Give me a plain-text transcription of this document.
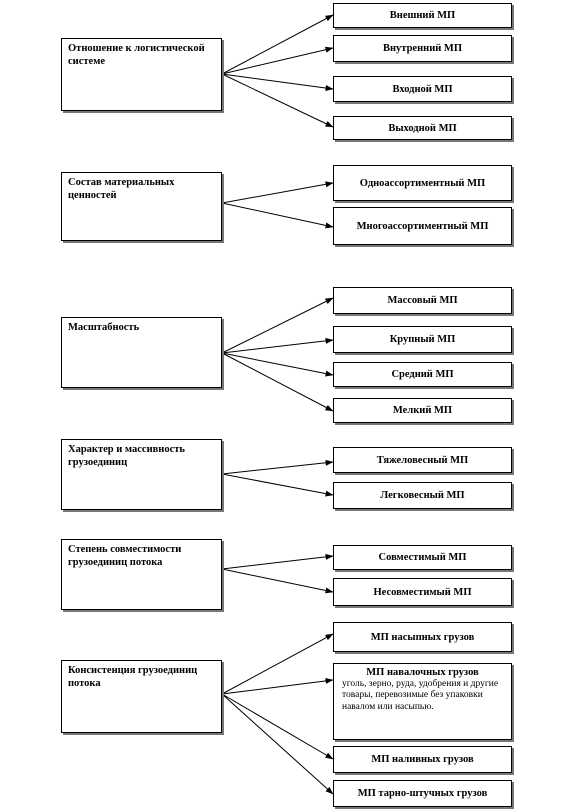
Отношение к логистической системе
Внешний МП
Внутренний МП
Входной МП
Выходной МП
Состав материальных ценностей
Одноассортиментный МП
Многоассортиментный МП
Масштабность
Массовый МП
Крупный МП
Средний МП
Мелкий МП
Характер и массивность грузоединиц	Тяжеловесный МП
Легковесный МП
Степень совместимости грузоединиц потока	Совместимый МП
Несовместимый МП
Консистенция грузоединиц потока
МП насыпных грузов
МП навалочных грузов
уголь, зерно, руда, удобрения и другие товары, перевозимые без упаковки навалом или насыпью.
МП наливных грузов
МП тарно-штучных грузов
